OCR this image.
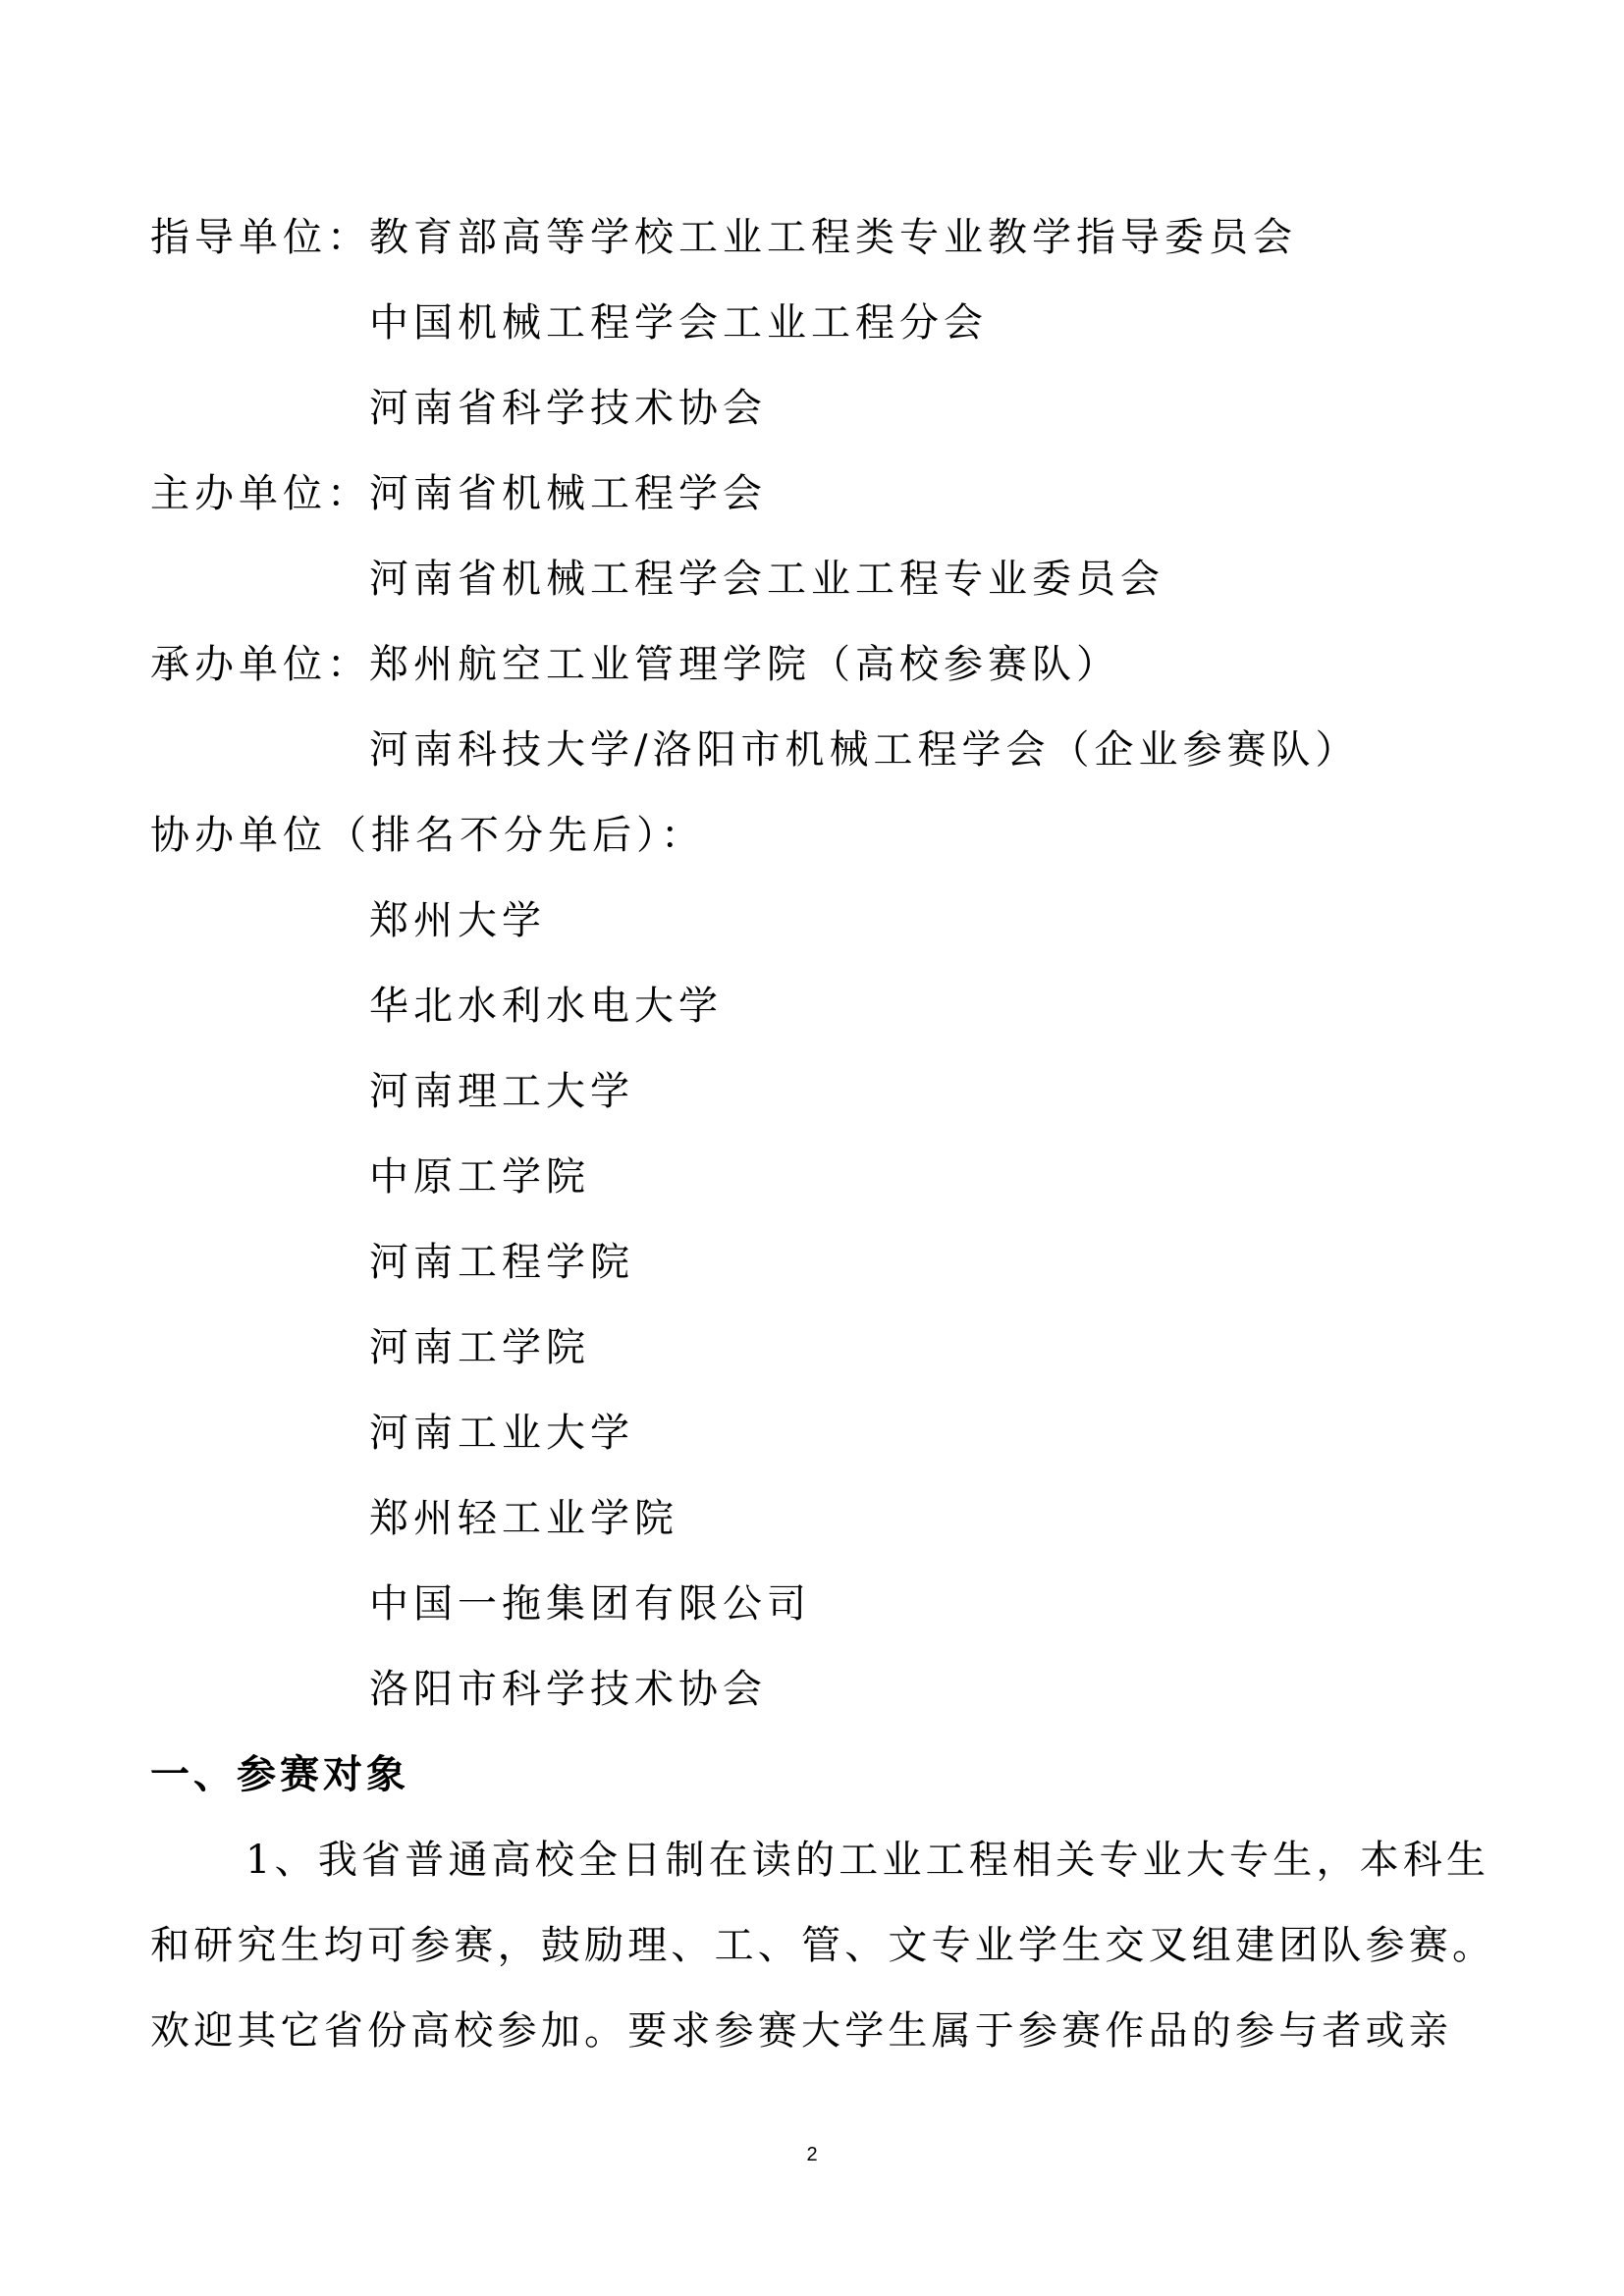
指导单位：
教育部高等学校工业工程类专业教学指导委员会
中国机械工程学会工业工程分会
河南省科学技术协会
主办单位：
河南省机械工程学会
河南省机械工程学会工业工程专业委员会
承办单位：
郑州航空工业管理学院（高校参赛队）
河南科技大学/洛阳市机械工程学会（企业参赛队）
协办单位（排名不分先后）：
郑州大学
华北水利水电大学
河南理工大学
中原工学院
河南工程学院
河南工学院
河南工业大学
郑州轻工业学院
中国一拖集团有限公司
洛阳市科学技术协会
一、参赛对象
1、我省普通高校全日制在读的工业工程相关专业大专生，本科生
和研究生均可参赛，鼓励理、工、管、文专业学生交叉组建团队参赛。
欢迎其它省份高校参加。要求参赛大学生属于参赛作品的参与者或亲
2
